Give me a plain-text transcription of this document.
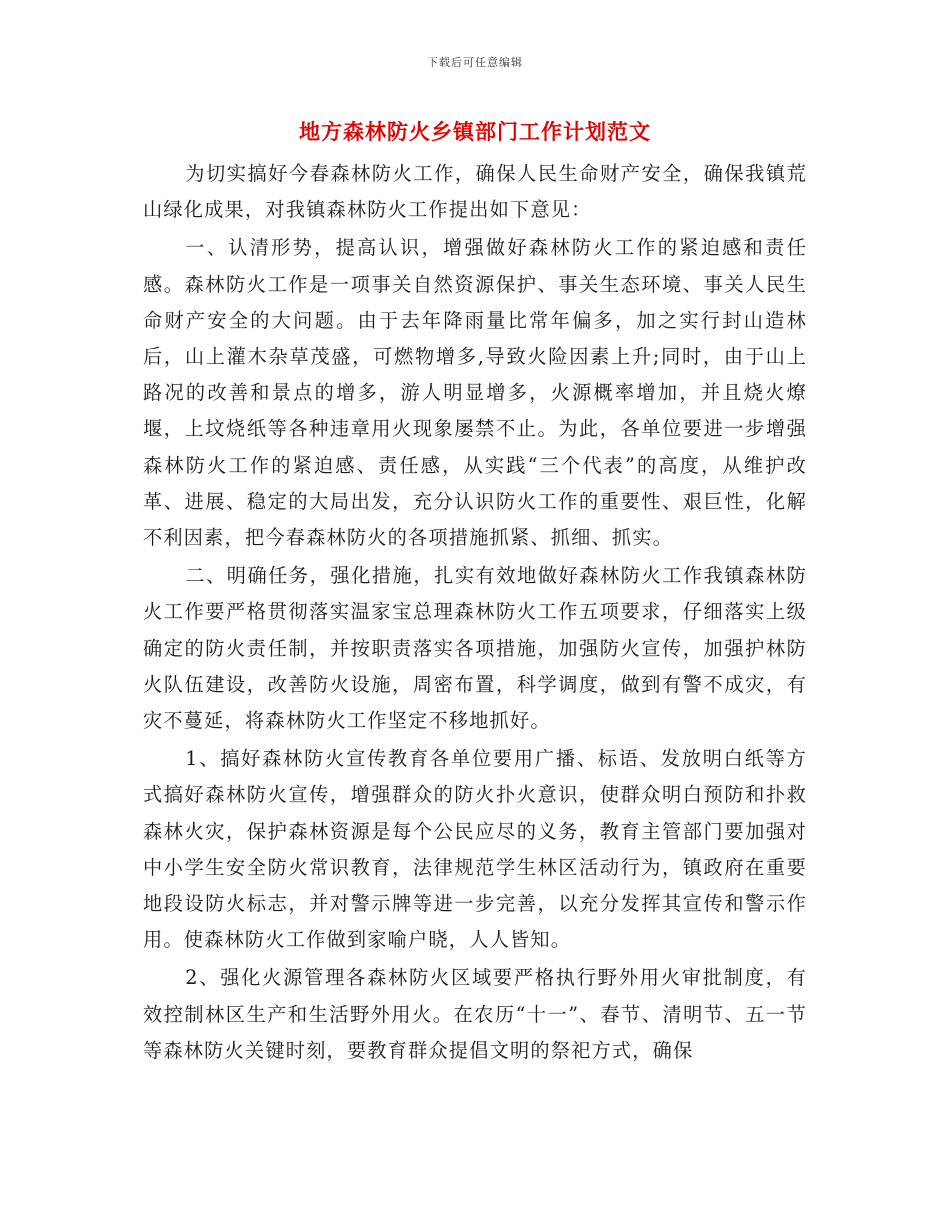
下载后可任意编辑
地方森林防火乡镇部门工作计划范文

为切实搞好今春森林防火工作，确保人民生命财产安全，确保我镇荒山绿化成果，对我镇森林防火工作提出如下意见：

一、认清形势，提高认识，增强做好森林防火工作的紧迫感和责任感。森林防火工作是一项事关自然资源保护、事关生态环境、事关人民生命财产安全的大问题。由于去年降雨量比常年偏多，加之实行封山造林后，山上灌木杂草茂盛，可燃物增多,导致火险因素上升;同时，由于山上路况的改善和景点的增多，游人明显增多，火源概率增加，并且烧火燎堰，上坟烧纸等各种违章用火现象屡禁不止。为此，各单位要进一步增强森林防火工作的紧迫感、责任感，从实践“三个代表”的高度，从维护改革、进展、稳定的大局出发，充分认识防火工作的重要性、艰巨性，化解不利因素，把今春森林防火的各项措施抓紧、抓细、抓实。

二、明确任务，强化措施，扎实有效地做好森林防火工作我镇森林防火工作要严格贯彻落实温家宝总理森林防火工作五项要求，仔细落实上级确定的防火责任制，并按职责落实各项措施，加强防火宣传，加强护林防火队伍建设，改善防火设施，周密布置，科学调度，做到有警不成灾，有灾不蔓延，将森林防火工作坚定不移地抓好。

1、搞好森林防火宣传教育各单位要用广播、标语、发放明白纸等方式搞好森林防火宣传，增强群众的防火扑火意识，使群众明白预防和扑救森林火灾，保护森林资源是每个公民应尽的义务，教育主管部门要加强对中小学生安全防火常识教育，法律规范学生林区活动行为，镇政府在重要地段设防火标志，并对警示牌等进一步完善，以充分发挥其宣传和警示作用。使森林防火工作做到家喻户晓，人人皆知。

2、强化火源管理各森林防火区域要严格执行野外用火审批制度，有效控制林区生产和生活野外用火。在农历“十一”、春节、清明节、五一节等森林防火关键时刻，要教育群众提倡文明的祭祀方式，确保
